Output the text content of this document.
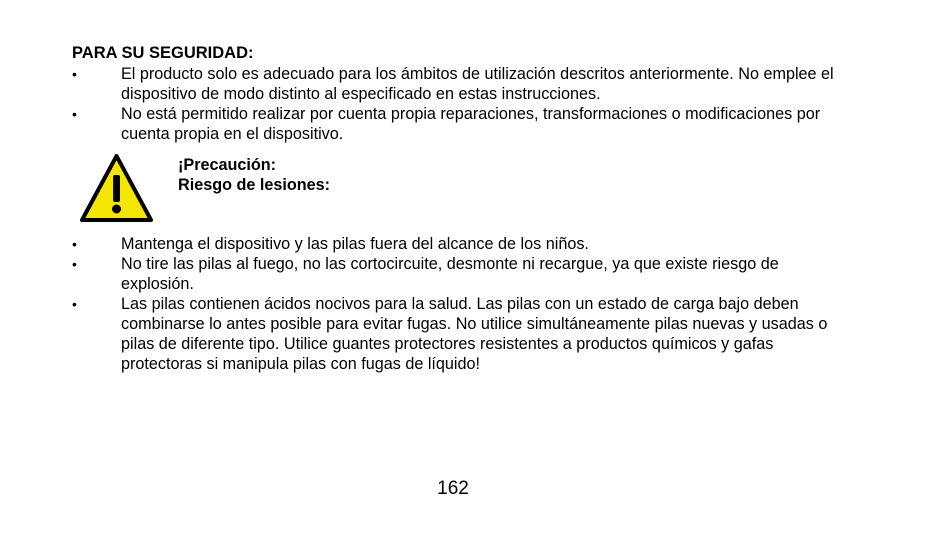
PARA SU SEGURIDAD:
•	El producto solo es adecuado para los ámbitos de utilización descritos anteriormente. No emplee el dispositivo de modo distinto al especificado en estas instrucciones.
•	No está permitido realizar por cuenta propia reparaciones, transformaciones o modificaciones por cuenta propia en el dispositivo.
¡Precaución:
Riesgo de lesiones:
•	Mantenga el dispositivo y las pilas fuera del alcance de los niños.
•	No tire las pilas al fuego, no las cortocircuite, desmonte ni recargue, ya que existe riesgo de explosión.
•	Las pilas contienen ácidos nocivos para la salud. Las pilas con un estado de carga bajo deben combinarse lo antes posible para evitar fugas. No utilice simultáneamente pilas nuevas y usadas o pilas de diferente tipo. Utilice guantes protectores resistentes a productos químicos y gafas protectoras si manipula pilas con fugas de líquido!
162
